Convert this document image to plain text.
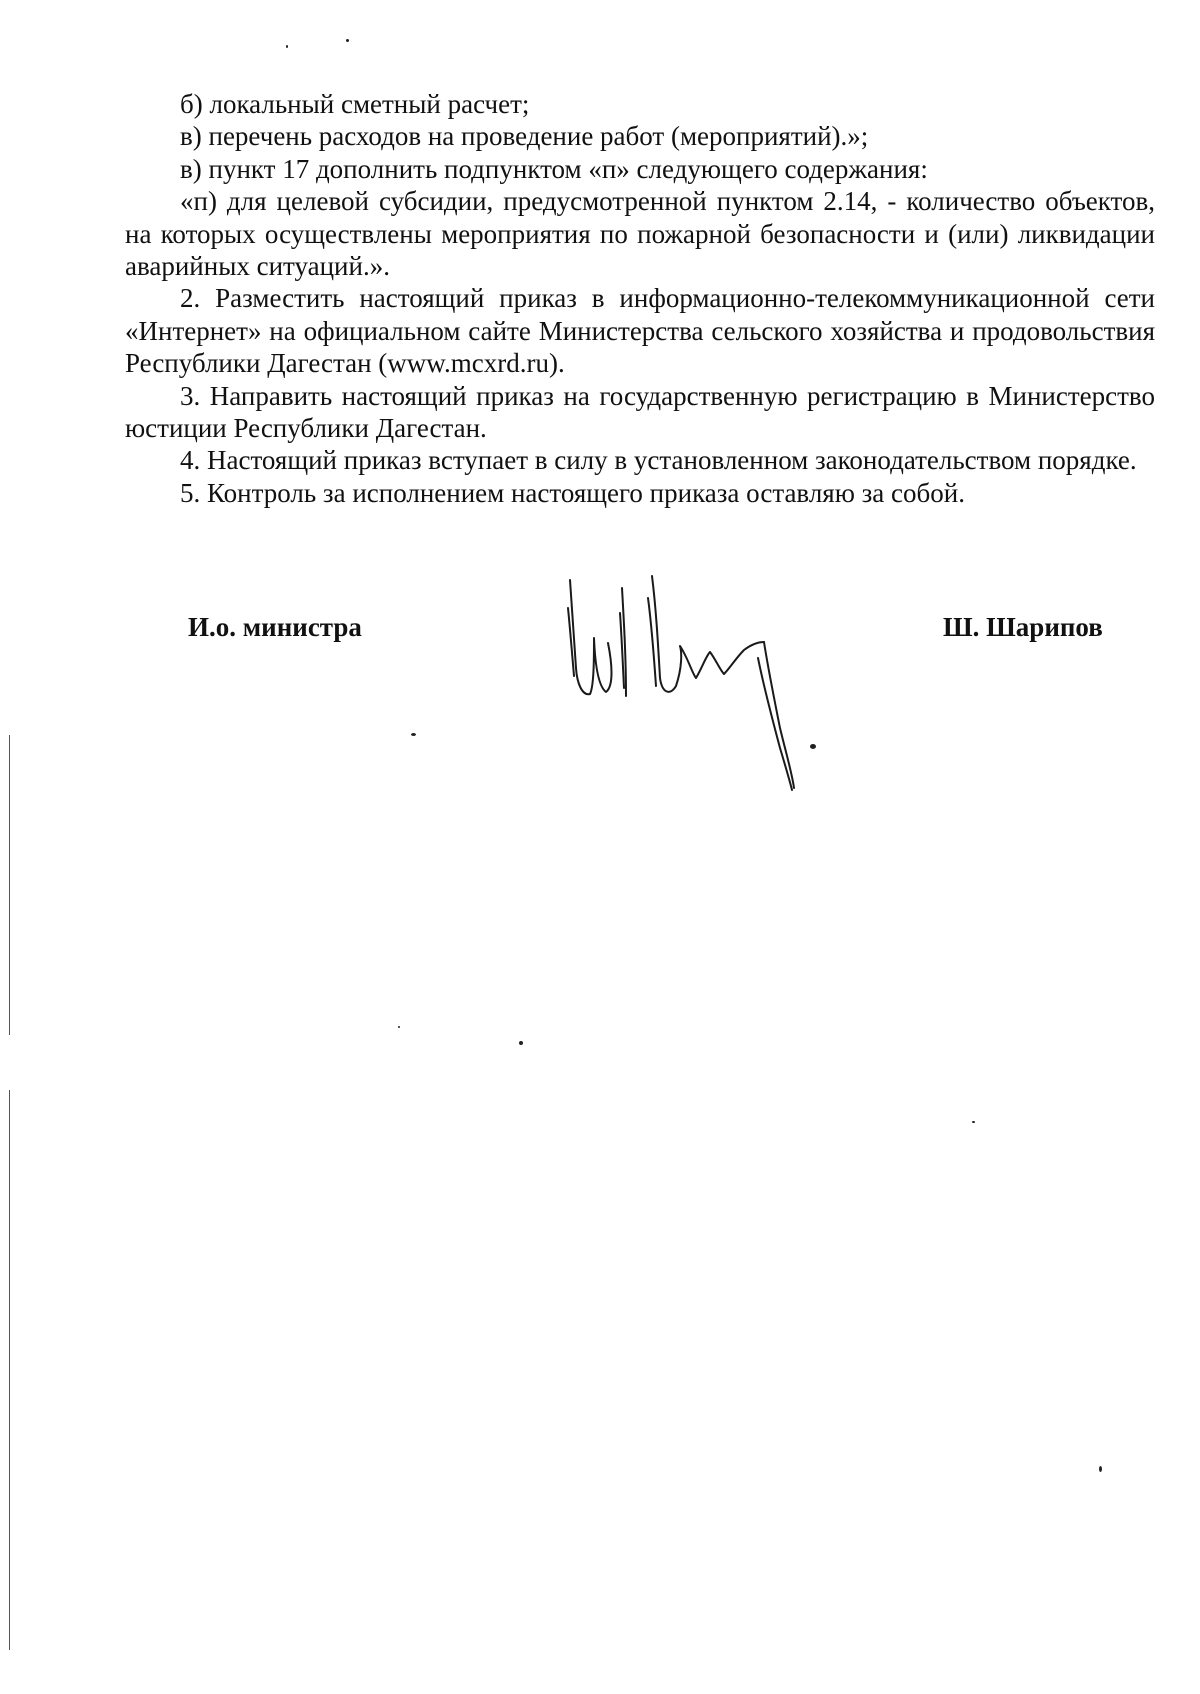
б) локальный сметный расчет;

в) перечень расходов на проведение работ (мероприятий).»;

в) пункт 17 дополнить подпунктом «п» следующего содержания:

«п) для целевой субсидии, предусмотренной пунктом 2.14, - количество объектов, на которых осуществлены мероприятия по пожарной безопасности и (или) ликвидации аварийных ситуаций.».

2. Разместить настоящий приказ в информационно-телекоммуникационной сети «Интернет» на официальном сайте Министерства сельского хозяйства и продовольствия Республики Дагестан (www.mcxrd.ru).

3. Направить настоящий приказ на государственную регистрацию в Министерство юстиции Республики Дагестан.

4. Настоящий приказ вступает в силу в установленном законодательством порядке.

5. Контроль за исполнением настоящего приказа оставляю за собой.

И.о. министра	Ш. Шарипов
